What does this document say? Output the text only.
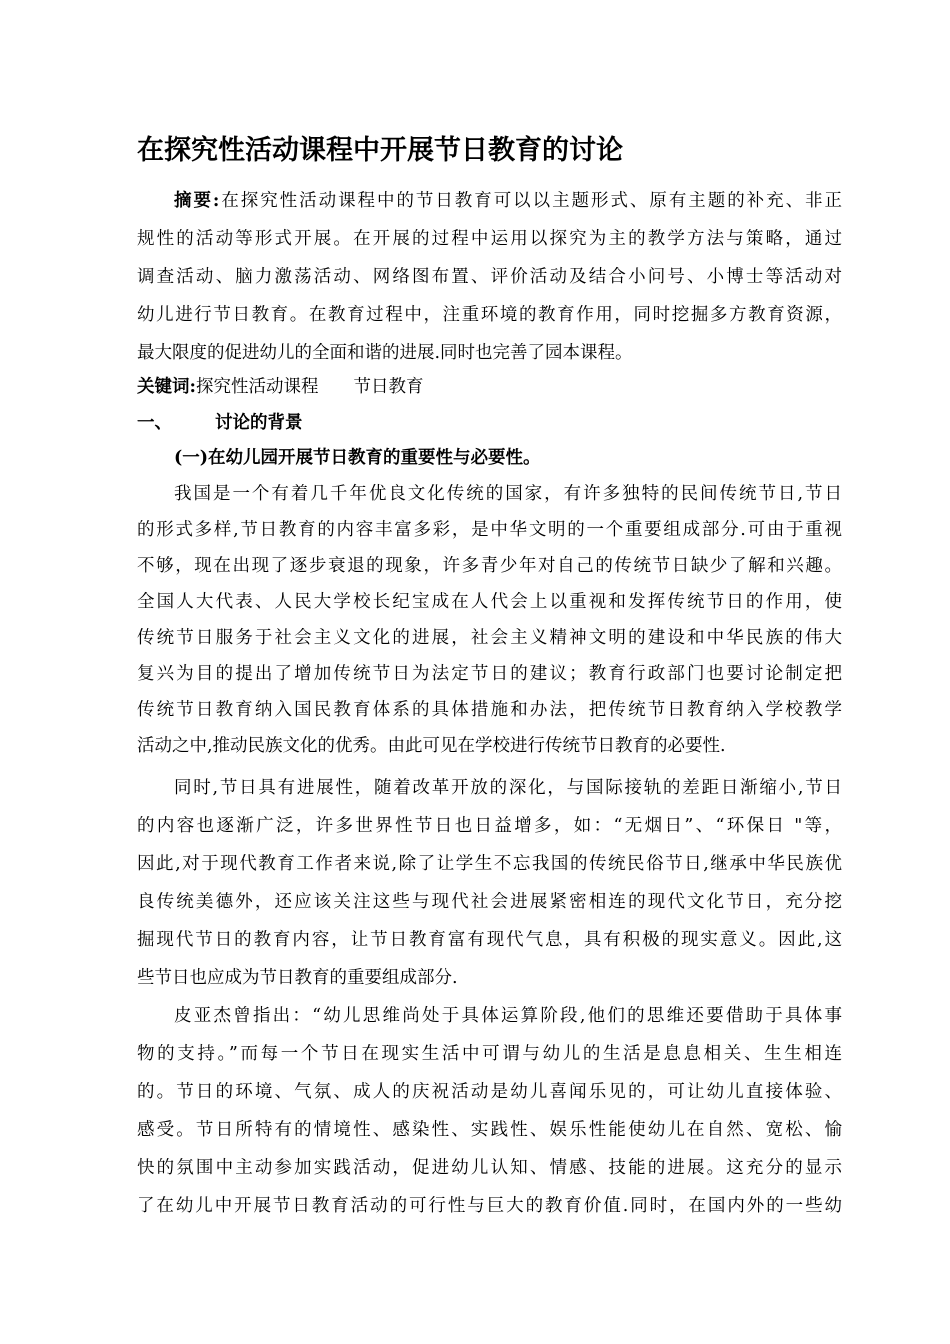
在探究性活动课程中开展节日教育的讨论
摘要:在探究性活动课程中的节日教育可以以主题形式、原有主题的补充、非正
规性的活动等形式开展。在开展的过程中运用以探究为主的教学方法与策略，通过
调查活动、脑力激荡活动、网络图布置、评价活动及结合小问号、小博士等活动对
幼儿进行节日教育。在教育过程中，注重环境的教育作用，同时挖掘多方教育资源，
最大限度的促进幼儿的全面和谐的进展.同时也完善了园本课程。
关键词:探究性活动课程　　节日教育
一、 讨论的背景
(一)在幼儿园开展节日教育的重要性与必要性。
我国是一个有着几千年优良文化传统的国家，有许多独特的民间传统节日,节日
的形式多样,节日教育的内容丰富多彩，是中华文明的一个重要组成部分.可由于重视
不够，现在出现了逐步衰退的现象，许多青少年对自己的传统节日缺少了解和兴趣。
全国人大代表、人民大学校长纪宝成在人代会上以重视和发挥传统节日的作用，使
传统节日服务于社会主义文化的进展，社会主义精神文明的建设和中华民族的伟大
复兴为目的提出了增加传统节日为法定节日的建议；教育行政部门也要讨论制定把
传统节日教育纳入国民教育体系的具体措施和办法，把传统节日教育纳入学校教学
活动之中,推动民族文化的优秀。由此可见在学校进行传统节日教育的必要性.
同时,节日具有进展性，随着改革开放的深化，与国际接轨的差距日渐缩小,节日
的内容也逐渐广泛，许多世界性节日也日益增多，如：“无烟日”、“环保日 "等，
因此,对于现代教育工作者来说,除了让学生不忘我国的传统民俗节日,继承中华民族优
良传统美德外，还应该关注这些与现代社会进展紧密相连的现代文化节日，充分挖
掘现代节日的教育内容，让节日教育富有现代气息，具有积极的现实意义。因此,这
些节日也应成为节日教育的重要组成部分.
皮亚杰曾指出：“幼儿思维尚处于具体运算阶段,他们的思维还要借助于具体事
物的支持。”而每一个节日在现实生活中可谓与幼儿的生活是息息相关、生生相连
的。节日的环境、气氛、成人的庆祝活动是幼儿喜闻乐见的，可让幼儿直接体验、
感受。节日所特有的情境性、感染性、实践性、娱乐性能使幼儿在自然、宽松、愉
快的氛围中主动参加实践活动，促进幼儿认知、情感、技能的进展。这充分的显示
了在幼儿中开展节日教育活动的可行性与巨大的教育价值.同时，在国内外的一些幼
